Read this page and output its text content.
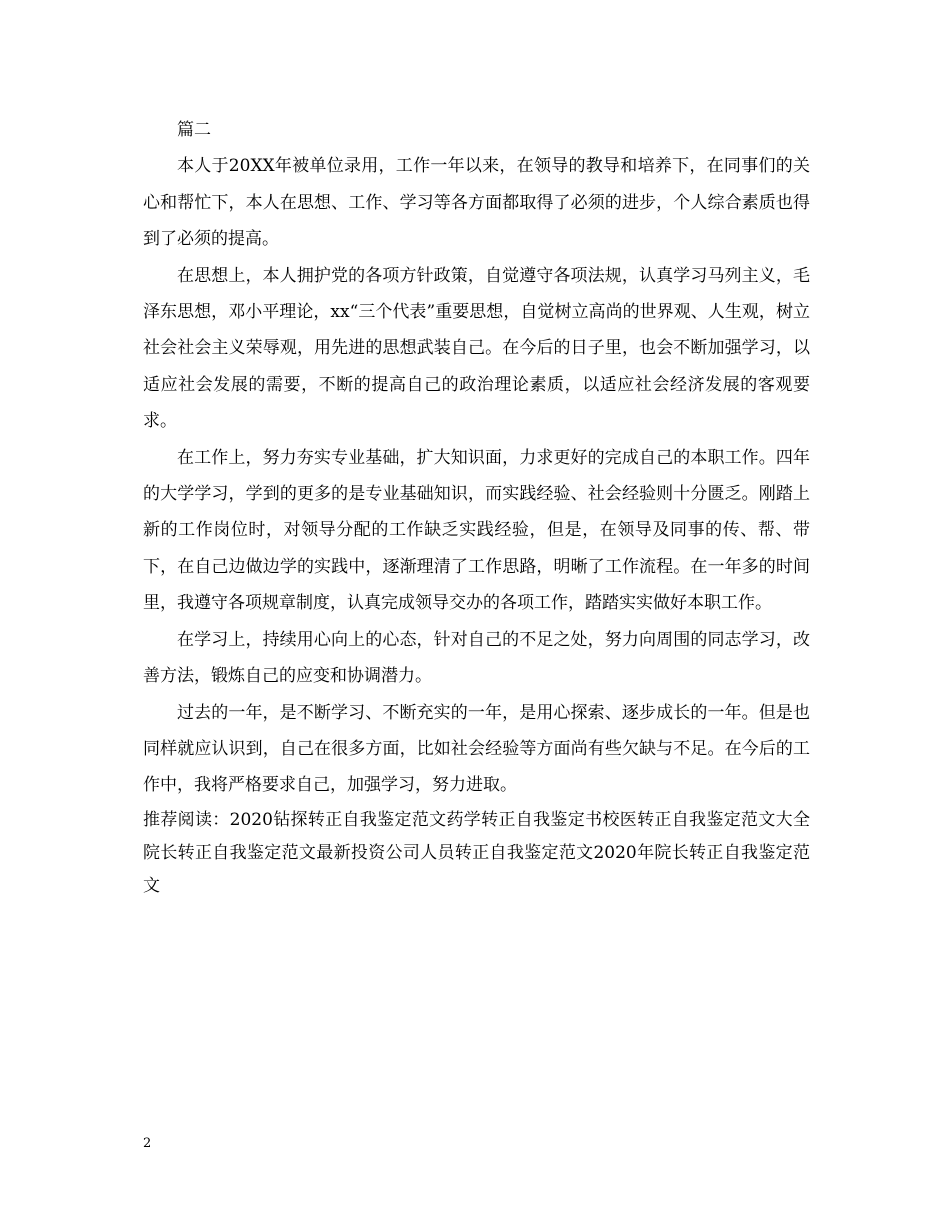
篇二

本人于20XX年被单位录用，工作一年以来，在领导的教导和培养下，在同事们的关心和帮忙下，本人在思想、工作、学习等各方面都取得了必须的进步，个人综合素质也得到了必须的提高。

在思想上，本人拥护党的各项方针政策，自觉遵守各项法规，认真学习马列主义，毛泽东思想，邓小平理论，xx“三个代表”重要思想，自觉树立高尚的世界观、人生观，树立社会社会主义荣辱观，用先进的思想武装自己。在今后的日子里，也会不断加强学习，以适应社会发展的需要，不断的提高自己的政治理论素质，以适应社会经济发展的客观要求。

在工作上，努力夯实专业基础，扩大知识面，力求更好的完成自己的本职工作。四年的大学学习，学到的更多的是专业基础知识，而实践经验、社会经验则十分匮乏。刚踏上新的工作岗位时，对领导分配的工作缺乏实践经验，但是，在领导及同事的传、帮、带下，在自己边做边学的实践中，逐渐理清了工作思路，明晰了工作流程。在一年多的时间里，我遵守各项规章制度，认真完成领导交办的各项工作，踏踏实实做好本职工作。

在学习上，持续用心向上的心态，针对自己的不足之处，努力向周围的同志学习，改善方法，锻炼自己的应变和协调潜力。

过去的一年，是不断学习、不断充实的一年，是用心探索、逐步成长的一年。但是也同样就应认识到，自己在很多方面，比如社会经验等方面尚有些欠缺与不足。在今后的工作中，我将严格要求自己，加强学习，努力进取。

推荐阅读：2020钻探转正自我鉴定范文药学转正自我鉴定书校医转正自我鉴定范文大全院长转正自我鉴定范文最新投资公司人员转正自我鉴定范文2020年院长转正自我鉴定范文

2
